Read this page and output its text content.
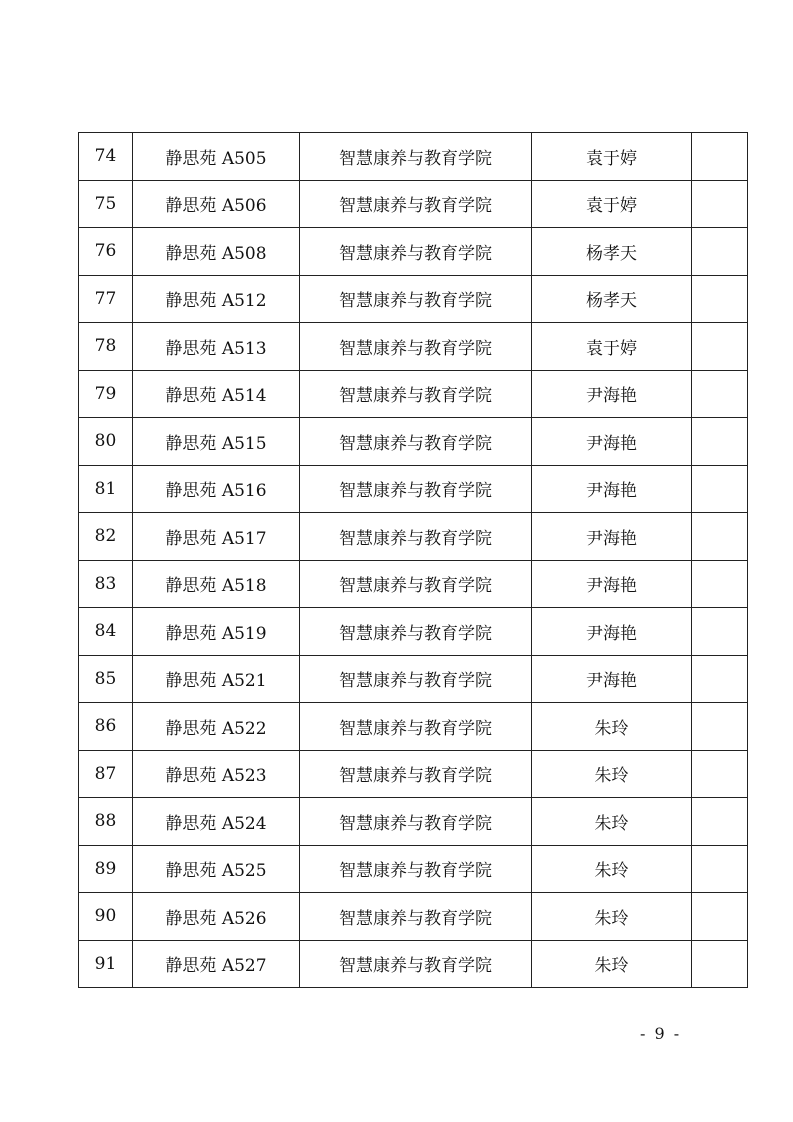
74	静思苑 A505	智慧康养与教育学院	袁于婷	
75	静思苑 A506	智慧康养与教育学院	袁于婷	
76	静思苑 A508	智慧康养与教育学院	杨孝天	
77	静思苑 A512	智慧康养与教育学院	杨孝天	
78	静思苑 A513	智慧康养与教育学院	袁于婷	
79	静思苑 A514	智慧康养与教育学院	尹海艳	
80	静思苑 A515	智慧康养与教育学院	尹海艳	
81	静思苑 A516	智慧康养与教育学院	尹海艳	
82	静思苑 A517	智慧康养与教育学院	尹海艳	
83	静思苑 A518	智慧康养与教育学院	尹海艳	
84	静思苑 A519	智慧康养与教育学院	尹海艳	
85	静思苑 A521	智慧康养与教育学院	尹海艳	
86	静思苑 A522	智慧康养与教育学院	朱玲	
87	静思苑 A523	智慧康养与教育学院	朱玲	
88	静思苑 A524	智慧康养与教育学院	朱玲	
89	静思苑 A525	智慧康养与教育学院	朱玲	
90	静思苑 A526	智慧康养与教育学院	朱玲	
91	静思苑 A527	智慧康养与教育学院	朱玲	
- 9 -
